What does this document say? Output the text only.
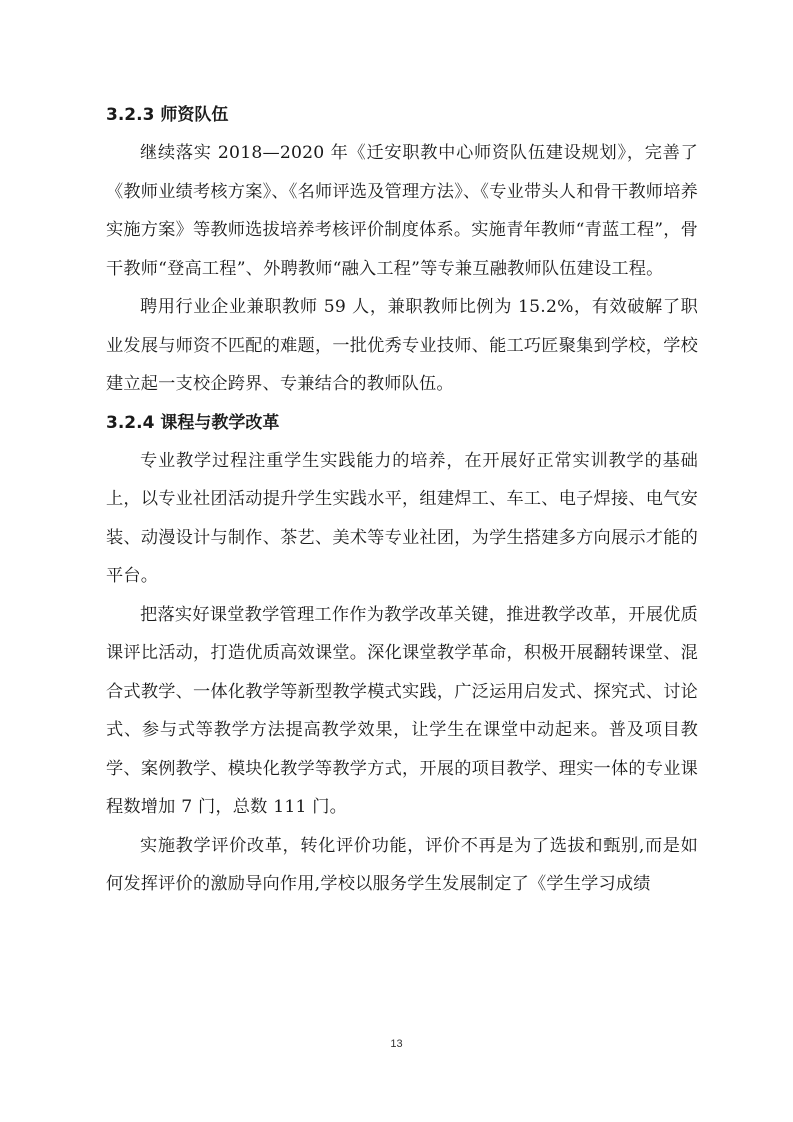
3.2.3 师资队伍

继续落实 2018—2020 年《迁安职教中心师资队伍建设规划》，完善了《教师业绩考核方案》、《名师评选及管理方法》、《专业带头人和骨干教师培养实施方案》等教师选拔培养考核评价制度体系。实施青年教师“青蓝工程”，骨干教师“登高工程”、外聘教师“融入工程”等专兼互融教师队伍建设工程。

聘用行业企业兼职教师 59 人，兼职教师比例为 15.2%，有效破解了职业发展与师资不匹配的难题，一批优秀专业技师、能工巧匠聚集到学校，学校建立起一支校企跨界、专兼结合的教师队伍。

3.2.4 课程与教学改革

专业教学过程注重学生实践能力的培养，在开展好正常实训教学的基础上，以专业社团活动提升学生实践水平，组建焊工、车工、电子焊接、电气安装、动漫设计与制作、茶艺、美术等专业社团，为学生搭建多方向展示才能的平台。

把落实好课堂教学管理工作作为教学改革关键，推进教学改革，开展优质课评比活动，打造优质高效课堂。深化课堂教学革命，积极开展翻转课堂、混合式教学、一体化教学等新型教学模式实践，广泛运用启发式、探究式、讨论式、参与式等教学方法提高教学效果，让学生在课堂中动起来。普及项目教学、案例教学、模块化教学等教学方式，开展的项目教学、理实一体的专业课程数增加 7 门，总数 111 门。

实施教学评价改革，转化评价功能，评价不再是为了选拔和甄别,而是如何发挥评价的激励导向作用,学校以服务学生发展制定了《学生学习成绩

13
